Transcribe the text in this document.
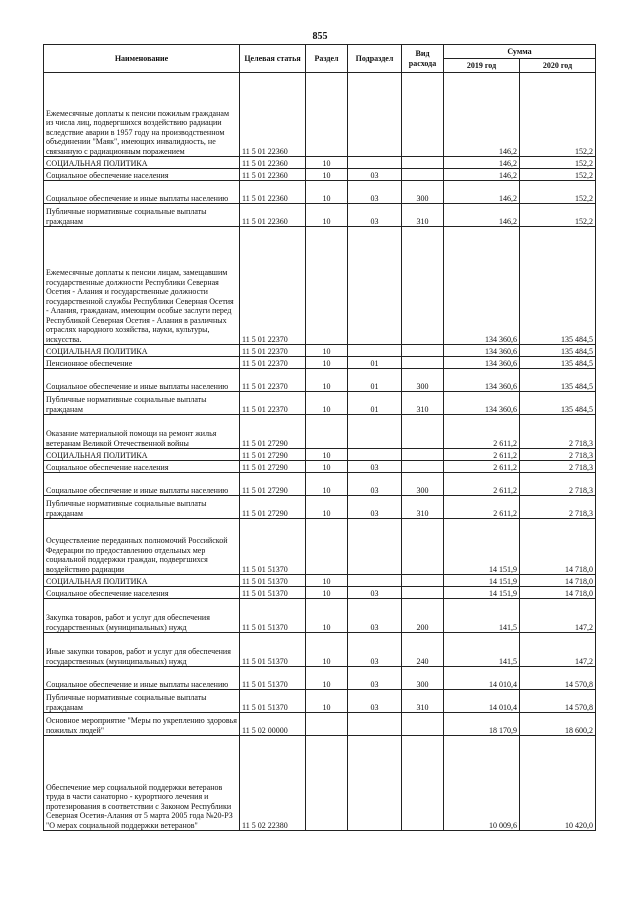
855
Наименование	Целевая статья	Раздел	Подраздел	Вид расхода	Сумма	
					2019 год	2020 год
Ежемесячные доплаты к пенсии пожилым гражданам из числа лиц, подвергшихся воздействию радиации вследствие аварии в 1957 году на производственном объединении "Маяк", имеющих инвалидность, не связанную с радиационным поражением	11 5 01 22360				146,2	152,2
СОЦИАЛЬНАЯ ПОЛИТИКА	11 5 01 22360	10			146,2	152,2
Социальное обеспечение населения	11 5 01 22360	10	03		146,2	152,2
Социальное обеспечение и иные выплаты населению	11 5 01 22360	10	03	300	146,2	152,2
Публичные нормативные социальные выплаты гражданам	11 5 01 22360	10	03	310	146,2	152,2
Ежемесячные доплаты к пенсии лицам, замещавшим государственные должности Республики Северная Осетия - Алания и государственные должности государственной службы Республики Северная Осетия - Алания, гражданам, имеющим особые заслуги перед Республикой Северная Осетия - Алания в различных отраслях народного хозяйства, науки, культуры, искусства.	11 5 01 22370				134 360,6	135 484,5
СОЦИАЛЬНАЯ ПОЛИТИКА	11 5 01 22370	10			134 360,6	135 484,5
Пенсионное обеспечение	11 5 01 22370	10	01		134 360,6	135 484,5
Социальное обеспечение и иные выплаты населению	11 5 01 22370	10	01	300	134 360,6	135 484,5
Публичные нормативные социальные выплаты гражданам	11 5 01 22370	10	01	310	134 360,6	135 484,5
Оказание материальной помощи на ремонт жилья ветеранам Великой Отечественной войны	11 5 01 27290				2 611,2	2 718,3
СОЦИАЛЬНАЯ ПОЛИТИКА	11 5 01 27290	10			2 611,2	2 718,3
Социальное обеспечение населения	11 5 01 27290	10	03		2 611,2	2 718,3
Социальное обеспечение и иные выплаты населению	11 5 01 27290	10	03	300	2 611,2	2 718,3
Публичные нормативные социальные выплаты гражданам	11 5 01 27290	10	03	310	2 611,2	2 718,3
Осуществление переданных полномочий Российской Федерации по предоставлению отдельных мер социальной поддержки граждан, подвергшихся воздействию радиации	11 5 01 51370				14 151,9	14 718,0
СОЦИАЛЬНАЯ ПОЛИТИКА	11 5 01 51370	10			14 151,9	14 718,0
Социальное обеспечение населения	11 5 01 51370	10	03		14 151,9	14 718,0
Закупка товаров, работ и услуг для обеспечения государственных (муниципальных) нужд	11 5 01 51370	10	03	200	141,5	147,2
Иные закупки товаров, работ и услуг для обеспечения государственных (муниципальных) нужд	11 5 01 51370	10	03	240	141,5	147,2
Социальное обеспечение и иные выплаты населению	11 5 01 51370	10	03	300	14 010,4	14 570,8
Публичные нормативные социальные выплаты гражданам	11 5 01 51370	10	03	310	14 010,4	14 570,8
Основное мероприятие "Меры по укреплению здоровья пожилых людей"	11 5 02 00000				18 170,9	18 600,2
Обеспечение мер социальной поддержки ветеранов труда в части санаторно - курортного лечения и протезирования в соответствии с Законом Республики Северная Осетия-Алания от 5 марта 2005 года №20-РЗ "О мерах социальной поддержки ветеранов"	11 5 02 22380				10 009,6	10 420,0
